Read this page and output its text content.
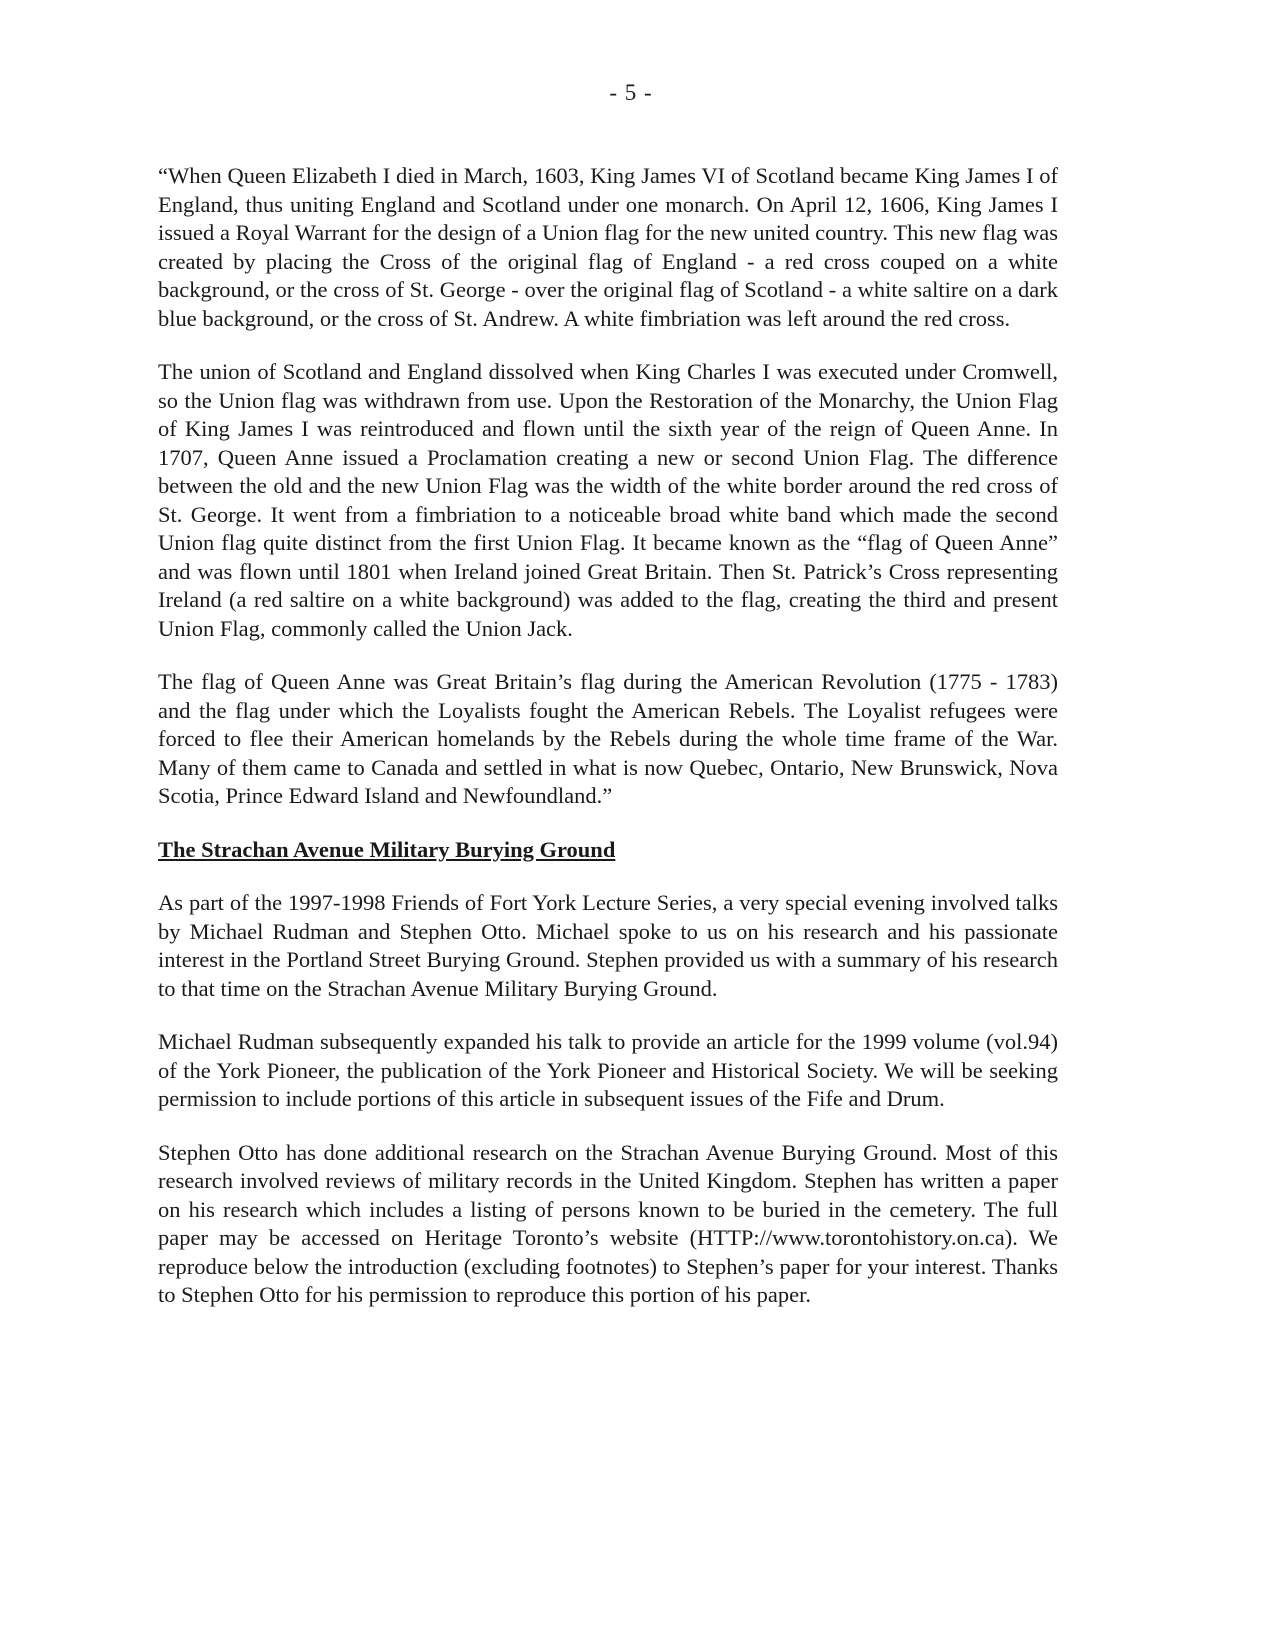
- 5 -

“When Queen Elizabeth I died in March, 1603, King James VI of Scotland became King James I of England, thus uniting England and Scotland under one monarch. On April 12, 1606, King James I issued a Royal Warrant for the design of a Union flag for the new united country. This new flag was created by placing the Cross of the original flag of England - a red cross couped on a white background, or the cross of St. George - over the original flag of Scotland - a white saltire on a dark blue background, or the cross of St. Andrew. A white fimbriation was left around the red cross.

The union of Scotland and England dissolved when King Charles I was executed under Cromwell, so the Union flag was withdrawn from use. Upon the Restoration of the Monarchy, the Union Flag of King James I was reintroduced and flown until the sixth year of the reign of Queen Anne. In 1707, Queen Anne issued a Proclamation creating a new or second Union Flag. The difference between the old and the new Union Flag was the width of the white border around the red cross of St. George. It went from a fimbriation to a noticeable broad white band which made the second Union flag quite distinct from the first Union Flag. It became known as the “flag of Queen Anne” and was flown until 1801 when Ireland joined Great Britain. Then St. Patrick’s Cross representing Ireland (a red saltire on a white background) was added to the flag, creating the third and present Union Flag, commonly called the Union Jack.

The flag of Queen Anne was Great Britain’s flag during the American Revolution (1775 - 1783) and the flag under which the Loyalists fought the American Rebels. The Loyalist refugees were forced to flee their American homelands by the Rebels during the whole time frame of the War. Many of them came to Canada and settled in what is now Quebec, Ontario, New Brunswick, Nova Scotia, Prince Edward Island and Newfoundland.”

The Strachan Avenue Military Burying Ground

As part of the 1997-1998 Friends of Fort York Lecture Series, a very special evening involved talks by Michael Rudman and Stephen Otto. Michael spoke to us on his research and his passionate interest in the Portland Street Burying Ground. Stephen provided us with a summary of his research to that time on the Strachan Avenue Military Burying Ground.

Michael Rudman subsequently expanded his talk to provide an article for the 1999 volume (vol.94) of the York Pioneer, the publication of the York Pioneer and Historical Society. We will be seeking permission to include portions of this article in subsequent issues of the Fife and Drum.

Stephen Otto has done additional research on the Strachan Avenue Burying Ground. Most of this research involved reviews of military records in the United Kingdom. Stephen has written a paper on his research which includes a listing of persons known to be buried in the cemetery. The full paper may be accessed on Heritage Toronto’s website (HTTP://www.torontohistory.on.ca). We reproduce below the introduction (excluding footnotes) to Stephen’s paper for your interest. Thanks to Stephen Otto for his permission to reproduce this portion of his paper.
